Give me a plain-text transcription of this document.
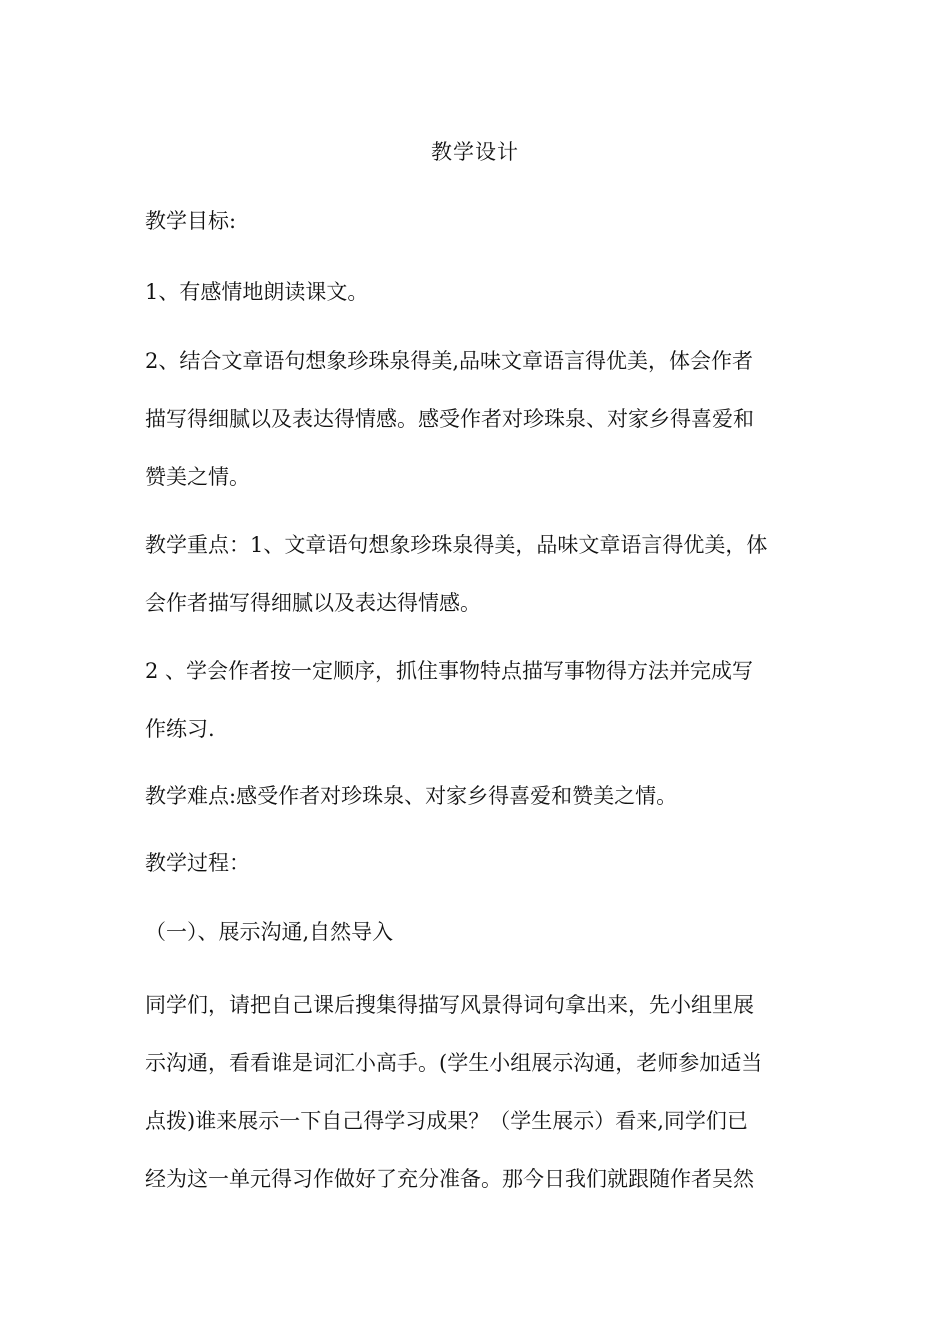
教学设计
教学目标:
1、有感情地朗读课文。
2、结合文章语句想象珍珠泉得美,品味文章语言得优美，体会作者
描写得细腻以及表达得情感。感受作者对珍珠泉、对家乡得喜爱和
赞美之情。
教学重点：1、文章语句想象珍珠泉得美，品味文章语言得优美，体
会作者描写得细腻以及表达得情感。
2 、学会作者按一定顺序，抓住事物特点描写事物得方法并完成写
作练习.
教学难点:感受作者对珍珠泉、对家乡得喜爱和赞美之情。
教学过程：
（一）、展示沟通,自然导入
同学们，请把自己课后搜集得描写风景得词句拿出来，先小组里展
示沟通，看看谁是词汇小高手。(学生小组展示沟通，老师参加适当
点拨)谁来展示一下自己得学习成果？（学生展示）看来,同学们已
经为这一单元得习作做好了充分准备。那今日我们就跟随作者吴然
